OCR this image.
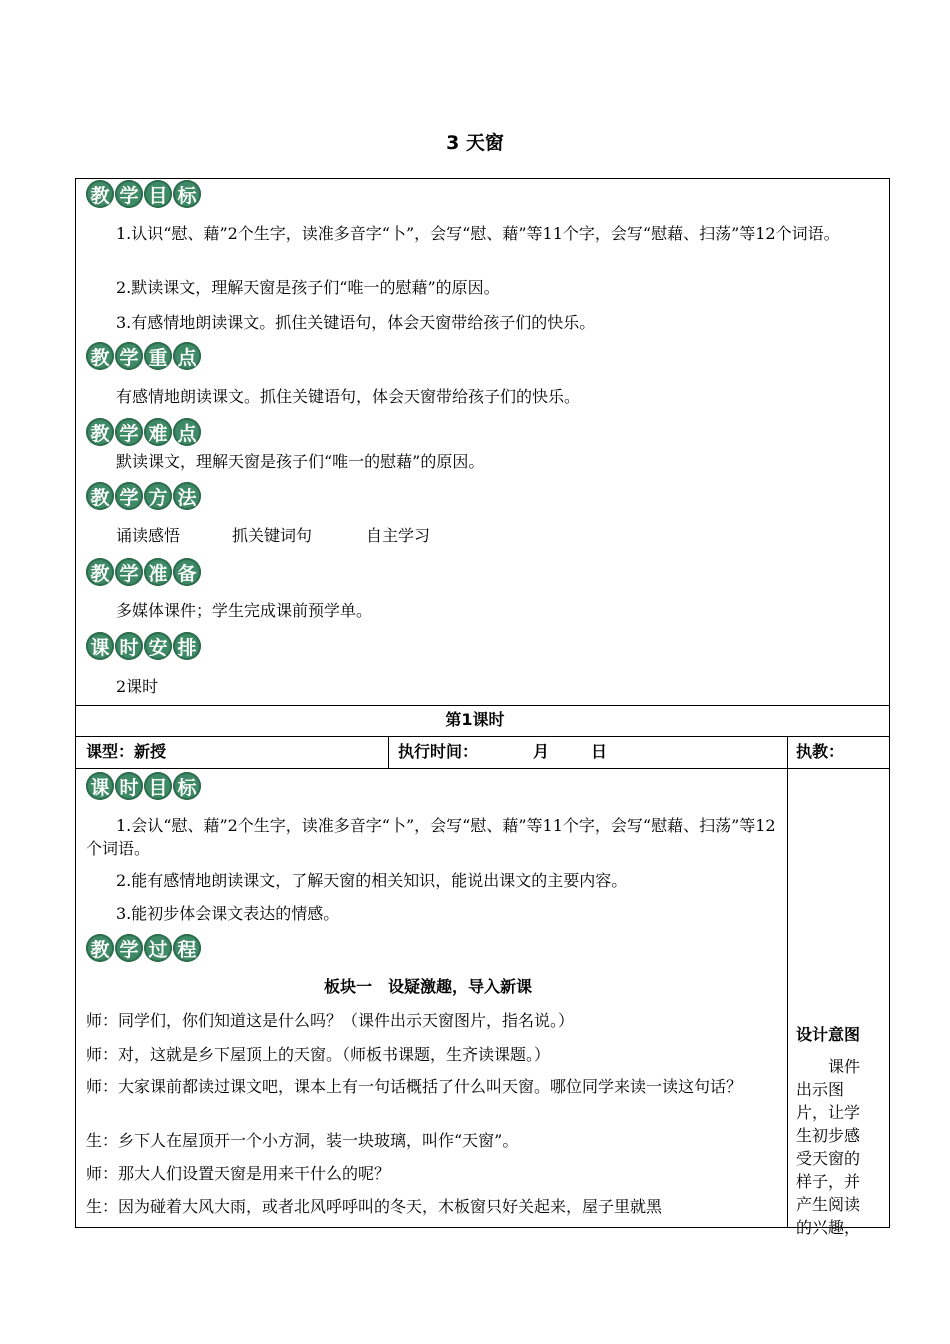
3 天窗
教 学 目 标
1.认识“慰、藉”2个生字，读准多音字“卜”，会写“慰、藉”等11个字，会写“慰藉、扫荡”等12个词语。
2.默读课文，理解天窗是孩子们“唯一的慰藉”的原因。
3.有感情地朗读课文。抓住关键语句，体会天窗带给孩子们的快乐。
教 学 重 点
有感情地朗读课文。抓住关键语句，体会天窗带给孩子们的快乐。
教 学 难 点
默读课文，理解天窗是孩子们“唯一的慰藉”的原因。
教 学 方 法
诵读感悟	抓关键词句	自主学习
教 学 准 备
多媒体课件；学生完成课前预学单。
课 时 安 排
2课时
第1课时
课型：新授	执行时间：	月	日	执教：
课 时 目 标
1.会认“慰、藉”2个生字，读准多音字“卜”，会写“慰、藉”等11个字，会写“慰藉、扫荡”等12个词语。
2.能有感情地朗读课文，了解天窗的相关知识，能说出课文的主要内容。
3.能初步体会课文表达的情感。
教 学 过 程
板块一　设疑激趣，导入新课
师：同学们，你们知道这是什么吗？（课件出示天窗图片，指名说。）
师：对，这就是乡下屋顶上的天窗。（师板书课题，生齐读课题。）
师：大家课前都读过课文吧，课本上有一句话概括了什么叫天窗。哪位同学来读一读这句话？
生：乡下人在屋顶开一个小方洞，装一块玻璃，叫作“天窗”。
师：那大人们设置天窗是用来干什么的呢？
生：因为碰着大风大雨，或者北风呼呼叫的冬天，木板窗只好关起来，屋子里就黑
设计意图
课件出示图片，让学生初步感受天窗的样子，并产生阅读的兴趣，
